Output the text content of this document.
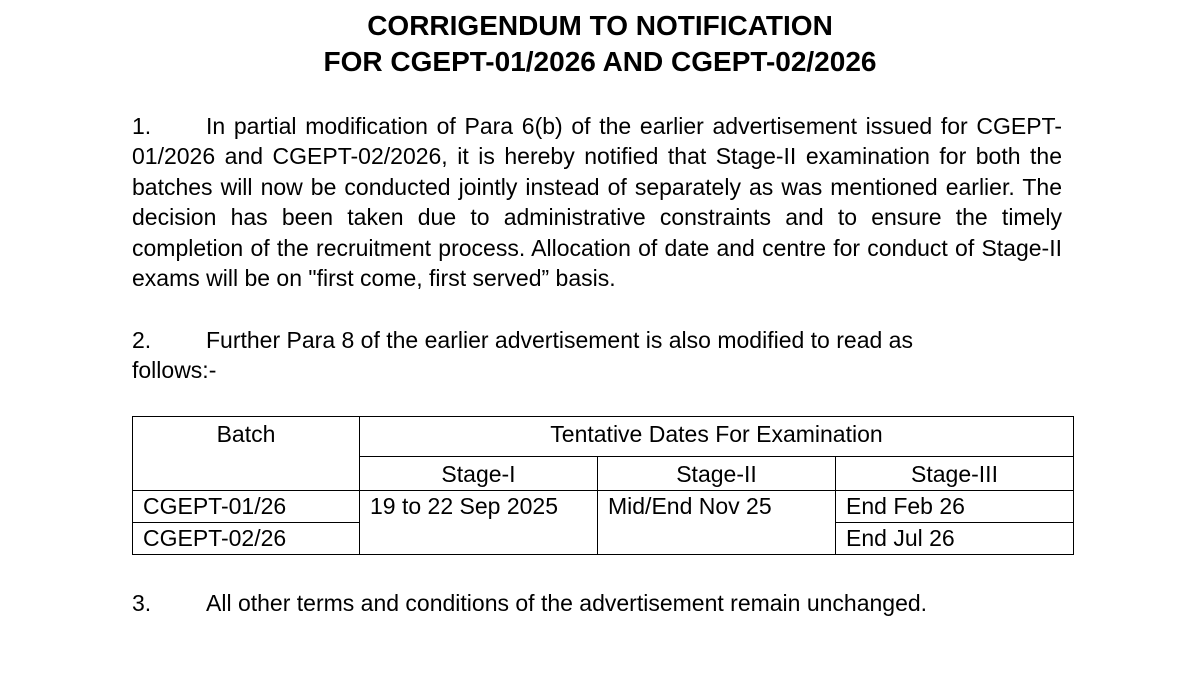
CORRIGENDUM TO NOTIFICATION
FOR CGEPT-01/2026 AND CGEPT-02/2026
1. In partial modification of Para 6(b) of the earlier advertisement issued for CGEPT-01/2026 and CGEPT-02/2026, it is hereby notified that Stage-II examination for both the batches will now be conducted jointly instead of separately as was mentioned earlier. The decision has been taken due to administrative constraints and to ensure the timely completion of the recruitment process. Allocation of date and centre for conduct of Stage-II exams will be on "first come, first served” basis.
2. Further Para 8 of the earlier advertisement is also modified to read as follows:-
Batch	Tentative Dates For Examination		
	Stage-I	Stage-II	Stage-III
CGEPT-01/26	19 to 22 Sep 2025	Mid/End Nov 25	End Feb 26
CGEPT-02/26			End Jul 26
3. All other terms and conditions of the advertisement remain unchanged.
